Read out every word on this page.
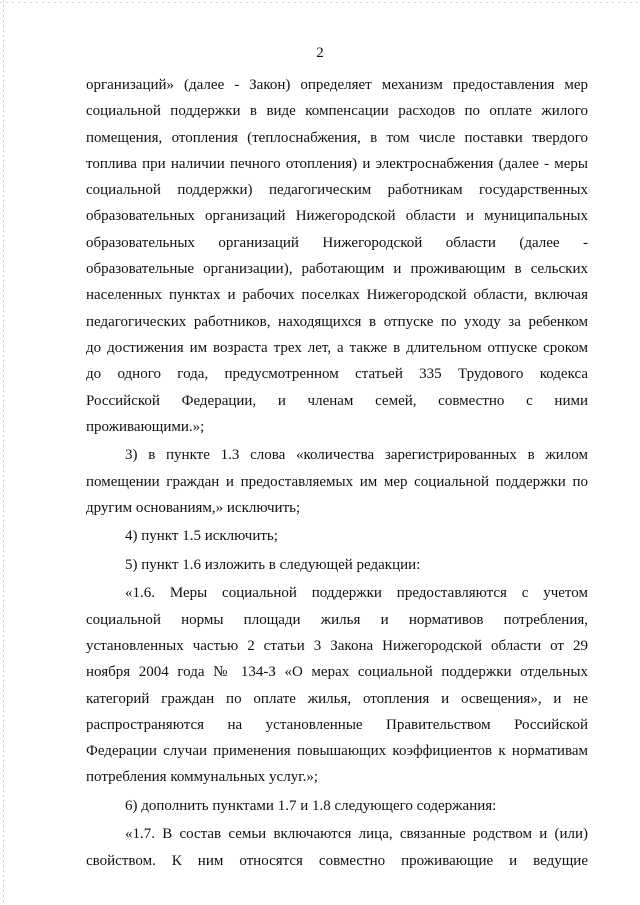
2
организаций» (далее - Закон) определяет механизм предоставления мер
социальной поддержки в виде компенсации расходов по оплате жилого
помещения, отопления (теплоснабжения, в том числе поставки твердого
топлива при наличии печного отопления) и электроснабжения (далее - меры
социальной поддержки) педагогическим работникам государственных
образовательных организаций Нижегородской области и муниципальных
образовательных организаций Нижегородской области (далее -
образовательные организации), работающим и проживающим в сельских
населенных пунктах и рабочих поселках Нижегородской области, включая
педагогических работников, находящихся в отпуске по уходу за ребенком
до достижения им возраста трех лет, а также в длительном отпуске сроком
до одного года, предусмотренном статьей 335 Трудового кодекса
Российской Федерации, и членам семей, совместно с ними
проживающими.»;
3) в пункте 1.3 слова «количества зарегистрированных в жилом
помещении граждан и предоставляемых им мер социальной поддержки по
другим основаниям,» исключить;
4) пункт 1.5 исключить;
5) пункт 1.6 изложить в следующей редакции:
«1.6. Меры социальной поддержки предоставляются с учетом
социальной нормы площади жилья и нормативов потребления,
установленных частью 2 статьи 3 Закона Нижегородской области от 29
ноября 2004 года № 134-З «О мерах социальной поддержки отдельных
категорий граждан по оплате жилья, отопления и освещения», и не
распространяются на установленные Правительством Российской
Федерации случаи применения повышающих коэффициентов к нормативам
потребления коммунальных услуг.»;
6) дополнить пунктами 1.7 и 1.8 следующего содержания:
«1.7. В состав семьи включаются лица, связанные родством и (или)
свойством. К ним относятся совместно проживающие и ведущие
